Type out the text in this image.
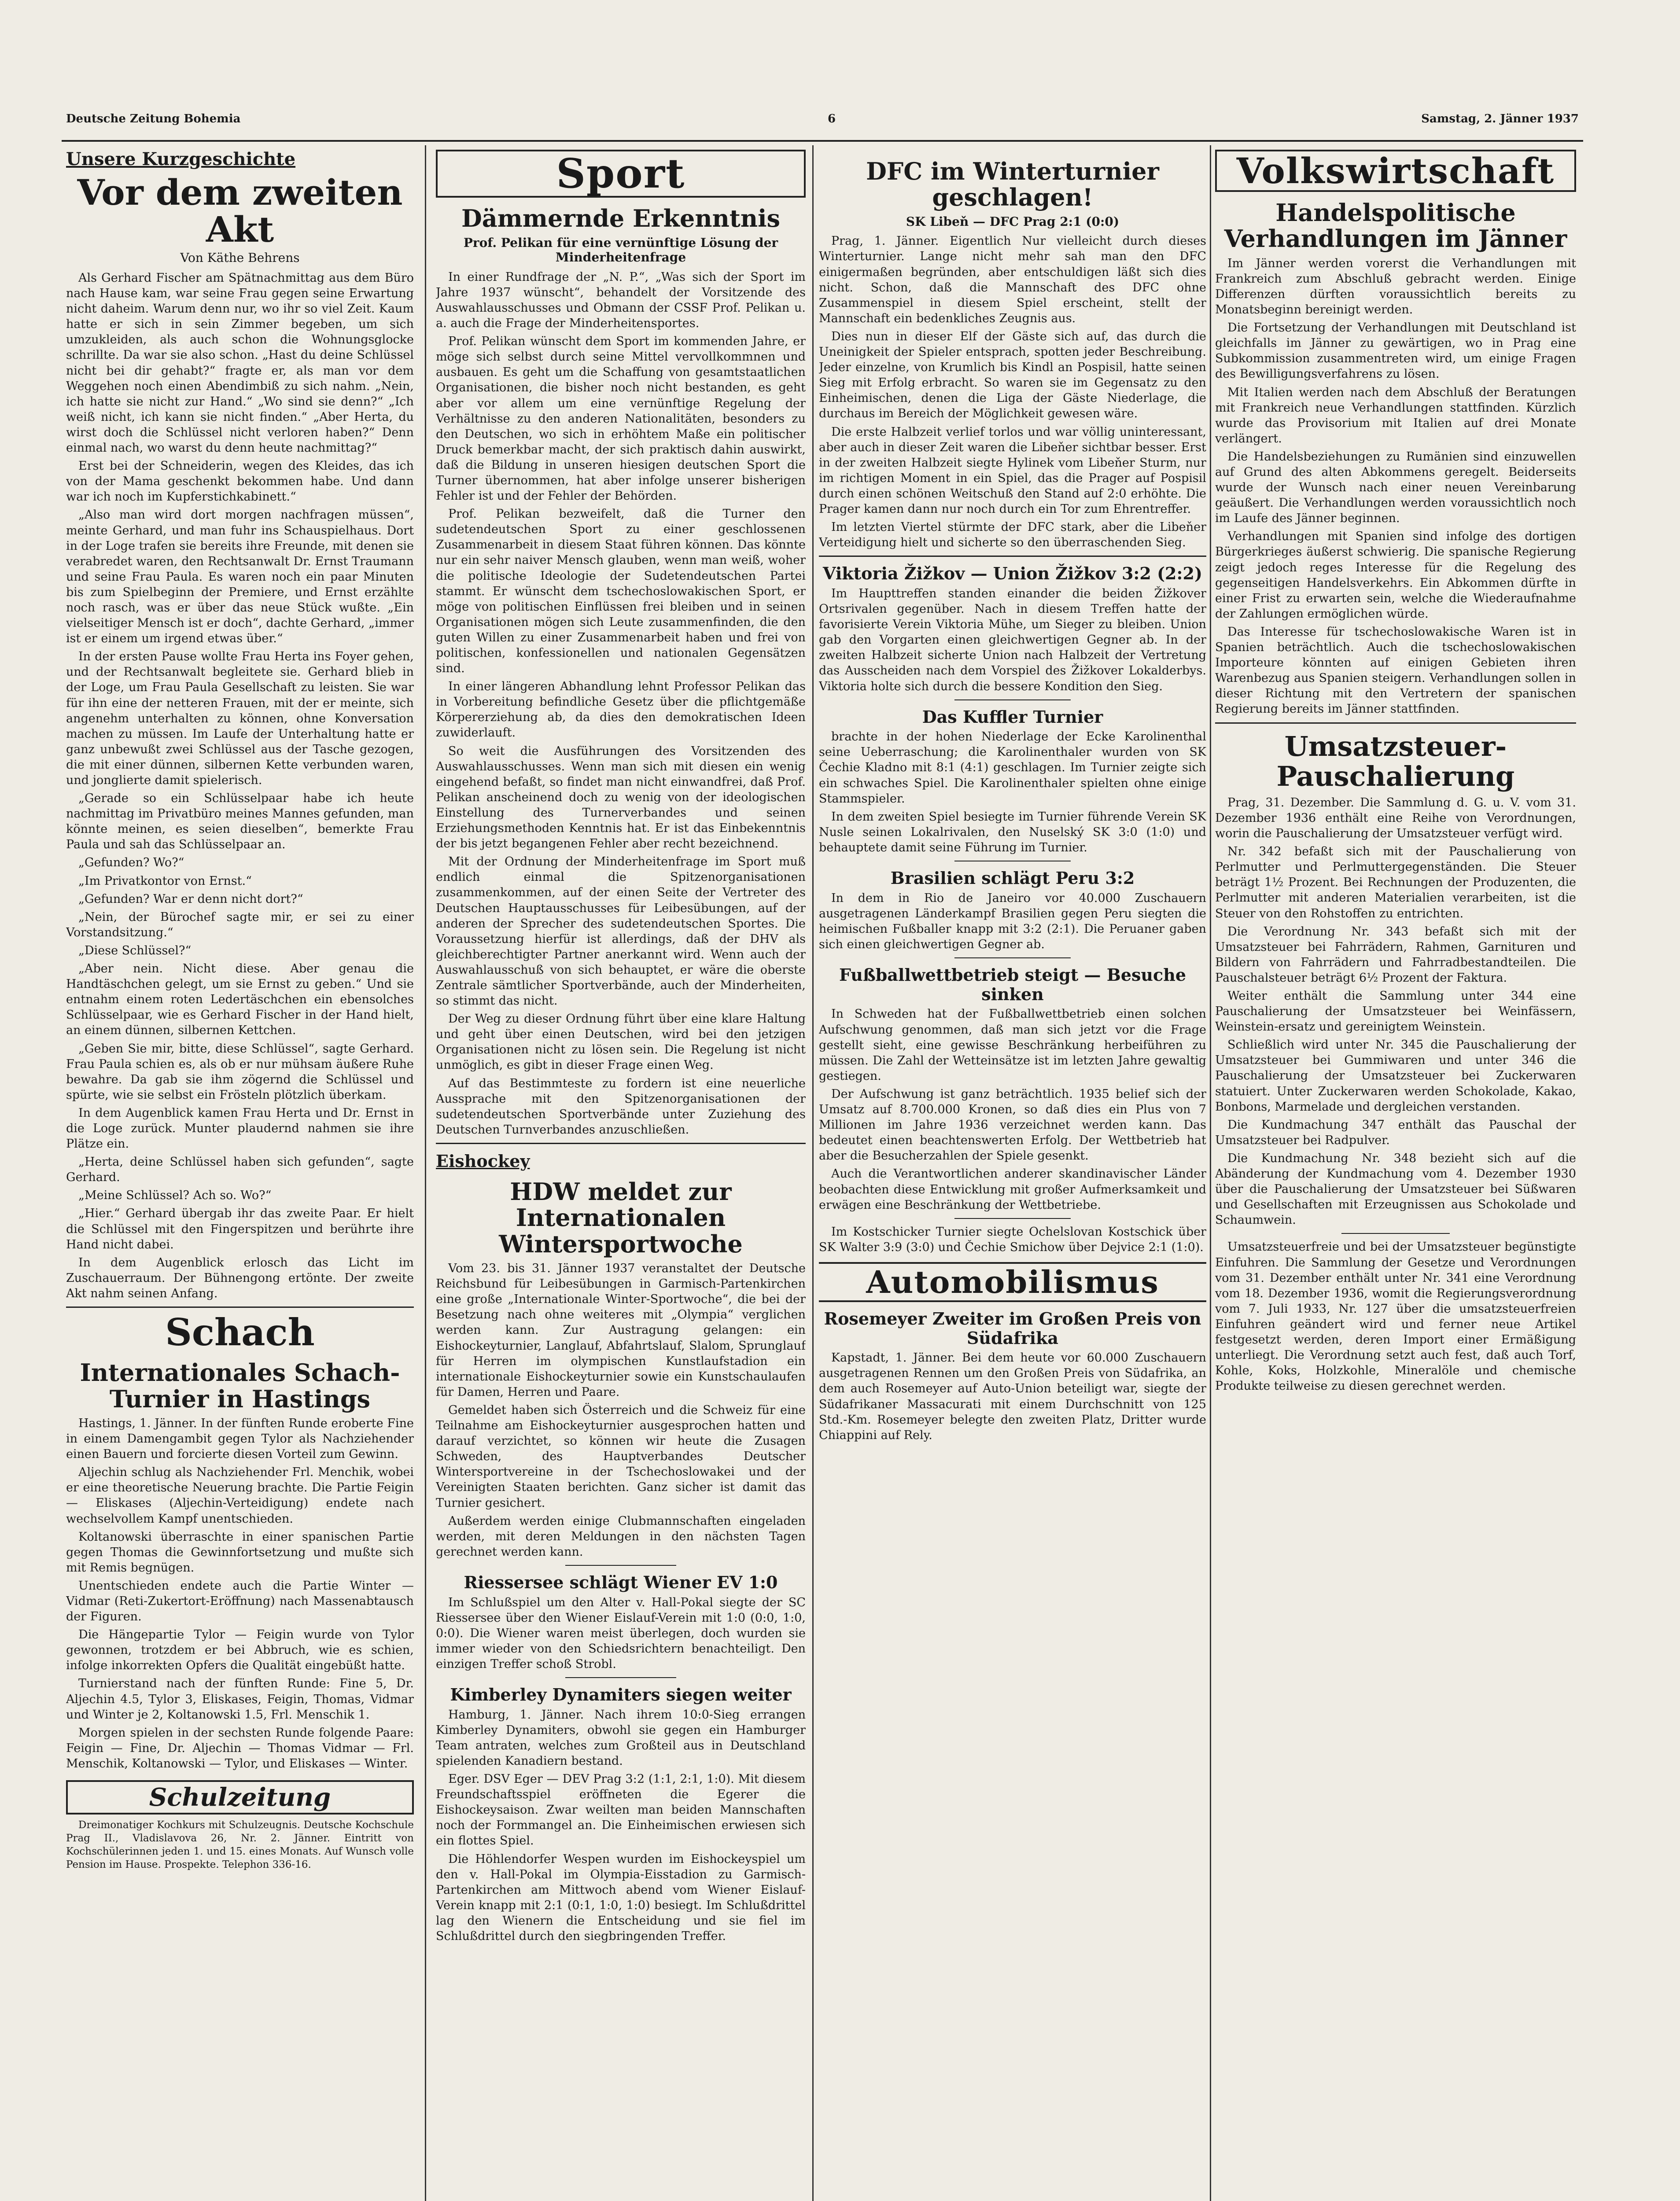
Deutsche Zeitung Bohemia	6	Samstag, 2. Jänner 1937
Unsere Kurzgeschichte
Vor dem zweiten Akt
Von Käthe Behrens

Als Gerhard Fischer am Spätnachmittag aus dem Büro nach Hause kam, war seine Frau gegen seine Erwartung nicht daheim. Warum denn nur, wo ihr so viel Zeit. Kaum hatte er sich in sein Zimmer begeben, um sich umzukleiden, als auch schon die Wohnungsglocke schrillte. Da war sie also schon. „Hast du deine Schlüssel nicht bei dir gehabt?“ fragte er, als man vor dem Weggehen noch einen Abendimbiß zu sich nahm. „Nein, ich hatte sie nicht zur Hand.“ „Wo sind sie denn?“ „Ich weiß nicht, ich kann sie nicht finden.“ „Aber Herta, du wirst doch die Schlüssel nicht verloren haben?“ Denn einmal nach, wo warst du denn heute nachmittag?“

Erst bei der Schneiderin, wegen des Kleides, das ich von der Mama geschenkt bekommen habe. Und dann war ich noch im Kupferstichkabinett.“

„Also man wird dort morgen nachfragen müssen“, meinte Gerhard, und man fuhr ins Schauspielhaus. Dort in der Loge trafen sie bereits ihre Freunde, mit denen sie verabredet waren, den Rechtsanwalt Dr. Ernst Traumann und seine Frau Paula. Es waren noch ein paar Minuten bis zum Spielbeginn der Premiere, und Ernst erzählte noch rasch, was er über das neue Stück wußte. „Ein vielseitiger Mensch ist er doch“, dachte Gerhard, „immer ist er einem um irgend etwas über.“

In der ersten Pause wollte Frau Herta ins Foyer gehen, und der Rechtsanwalt begleitete sie. Gerhard blieb in der Loge, um Frau Paula Gesellschaft zu leisten. Sie war für ihn eine der netteren Frauen, mit der er meinte, sich angenehm unterhalten zu können, ohne Konversation machen zu müssen. Im Laufe der Unterhaltung hatte er ganz unbewußt zwei Schlüssel aus der Tasche gezogen, die mit einer dünnen, silbernen Kette verbunden waren, und jonglierte damit spielerisch.

„Gerade so ein Schlüsselpaar habe ich heute nachmittag im Privatbüro meines Mannes gefunden, man könnte meinen, es seien dieselben“, bemerkte Frau Paula und sah das Schlüsselpaar an.

„Gefunden? Wo?“

„Im Privatkontor von Ernst.“

„Gefunden? War er denn nicht dort?“

„Nein, der Bürochef sagte mir, er sei zu einer Vorstandsitzung.“

„Diese Schlüssel?“

„Aber nein. Nicht diese. Aber genau die Handtäschchen gelegt, um sie Ernst zu geben.“ Und sie entnahm einem roten Ledertäschchen ein ebensolches Schlüsselpaar, wie es Gerhard Fischer in der Hand hielt, an einem dünnen, silbernen Kettchen.

„Geben Sie mir, bitte, diese Schlüssel“, sagte Gerhard. Frau Paula schien es, als ob er nur mühsam äußere Ruhe bewahre. Da gab sie ihm zögernd die Schlüssel und spürte, wie sie selbst ein Frösteln plötzlich überkam.

In dem Augenblick kamen Frau Herta und Dr. Ernst in die Loge zurück. Munter plaudernd nahmen sie ihre Plätze ein.

„Herta, deine Schlüssel haben sich gefunden“, sagte Gerhard.

„Meine Schlüssel? Ach so. Wo?“

„Hier.“ Gerhard übergab ihr das zweite Paar. Er hielt die Schlüssel mit den Fingerspitzen und berührte ihre Hand nicht dabei.

In dem Augenblick erlosch das Licht im Zuschauerraum. Der Bühnengong ertönte. Der zweite Akt nahm seinen Anfang.

Schach
Internationales Schach-Turnier in Hastings

Hastings, 1. Jänner. In der fünften Runde eroberte Fine in einem Damengambit gegen Tylor als Nachziehender einen Bauern und forcierte diesen Vorteil zum Gewinn.

Aljechin schlug als Nachziehender Frl. Menchik, wobei er eine theoretische Neuerung brachte. Die Partie Feigin — Eliskases (Aljechin-Verteidigung) endete nach wechselvollem Kampf unentschieden.

Koltanowski überraschte in einer spanischen Partie gegen Thomas die Gewinnfortsetzung und mußte sich mit Remis begnügen.

Unentschieden endete auch die Partie Winter — Vidmar (Reti-Zukertort-Eröffnung) nach Massenabtausch der Figuren.

Die Hängepartie Tylor — Feigin wurde von Tylor gewonnen, trotzdem er bei Abbruch, wie es schien, infolge inkorrekten Opfers die Qualität eingebüßt hatte.

Turnierstand nach der fünften Runde: Fine 5, Dr. Aljechin 4.5, Tylor 3, Eliskases, Feigin, Thomas, Vidmar und Winter je 2, Koltanowski 1.5, Frl. Menschik 1.

Morgen spielen in der sechsten Runde folgende Paare: Feigin — Fine, Dr. Aljechin — Thomas Vidmar — Frl. Menschik, Koltanowski — Tylor, und Eliskases — Winter.

Schulzeitung

Dreimonatiger Kochkurs mit Schulzeugnis. Deutsche Kochschule Prag II., Vladislavova 26, Nr. 2. Jänner. Eintritt von Kochschülerinnen jeden 1. und 15. eines Monats. Auf Wunsch volle Pension im Hause. Prospekte. Telephon 336-16.

Sport
Dämmernde Erkenntnis
Prof. Pelikan für eine vernünftige Lösung der Minderheitenfrage

In einer Rundfrage der „N. P.“, „Was sich der Sport im Jahre 1937 wünscht“, behandelt der Vorsitzende des Auswahlausschusses und Obmann der CSSF Prof. Pelikan u. a. auch die Frage der Minderheitensportes.

Prof. Pelikan wünscht dem Sport im kommenden Jahre, er möge sich selbst durch seine Mittel vervollkommnen und ausbauen. Es geht um die Schaffung von gesamtstaatlichen Organisationen, die bisher noch nicht bestanden, es geht aber vor allem um eine vernünftige Regelung der Verhältnisse zu den anderen Nationalitäten, besonders zu den Deutschen, wo sich in erhöhtem Maße ein politischer Druck bemerkbar macht, der sich praktisch dahin auswirkt, daß die Bildung in unseren hiesigen deutschen Sport die Turner übernommen, hat aber infolge unserer bisherigen Fehler ist und der Fehler der Behörden.

Prof. Pelikan bezweifelt, daß die Turner den sudetendeutschen Sport zu einer geschlossenen Zusammenarbeit in diesem Staat führen können. Das könnte nur ein sehr naiver Mensch glauben, wenn man weiß, woher die politische Ideologie der Sudetendeutschen Partei stammt. Er wünscht dem tschechoslowakischen Sport, er möge von politischen Einflüssen frei bleiben und in seinen Organisationen mögen sich Leute zusammenfinden, die den guten Willen zu einer Zusammenarbeit haben und frei von politischen, konfessionellen und nationalen Gegensätzen sind.

In einer längeren Abhandlung lehnt Professor Pelikan das in Vorbereitung befindliche Gesetz über die pflichtgemäße Körpererziehung ab, da dies den demokratischen Ideen zuwiderlauft.

So weit die Ausführungen des Vorsitzenden des Auswahlausschusses. Wenn man sich mit diesen ein wenig eingehend befaßt, so findet man nicht einwandfrei, daß Prof. Pelikan anscheinend doch zu wenig von der ideologischen Einstellung des Turnerverbandes und seinen Erziehungsmethoden Kenntnis hat. Er ist das Einbekenntnis der bis jetzt begangenen Fehler aber recht bezeichnend.

Mit der Ordnung der Minderheitenfrage im Sport muß endlich einmal die Spitzenorganisationen zusammenkommen, auf der einen Seite der Vertreter des Deutschen Hauptausschusses für Leibesübungen, auf der anderen der Sprecher des sudetendeutschen Sportes. Die Voraussetzung hierfür ist allerdings, daß der DHV als gleichberechtigter Partner anerkannt wird. Wenn auch der Auswahlausschuß von sich behauptet, er wäre die oberste Zentrale sämtlicher Sportverbände, auch der Minderheiten, so stimmt das nicht.

Der Weg zu dieser Ordnung führt über eine klare Haltung und geht über einen Deutschen, wird bei den jetzigen Organisationen nicht zu lösen sein. Die Regelung ist nicht unmöglich, es gibt in dieser Frage einen Weg.

Auf das Bestimmteste zu fordern ist eine neuerliche Aussprache mit den Spitzenorganisationen der sudetendeutschen Sportverbände unter Zuziehung des Deutschen Turnverbandes anzuschließen.

Eishockey
HDW meldet zur Internationalen Wintersportwoche

Vom 23. bis 31. Jänner 1937 veranstaltet der Deutsche Reichsbund für Leibesübungen in Garmisch-Partenkirchen eine große „Internationale Winter-Sportwoche“, die bei der Besetzung nach ohne weiteres mit „Olympia“ verglichen werden kann. Zur Austragung gelangen: ein Eishockeyturnier, Langlauf, Abfahrtslauf, Slalom, Sprunglauf für Herren im olympischen Kunstlaufstadion ein internationale Eishockeyturnier sowie ein Kunstschaulaufen für Damen, Herren und Paare.

Gemeldet haben sich Österreich und die Schweiz für eine Teilnahme am Eishockeyturnier ausgesprochen hatten und darauf verzichtet, so können wir heute die Zusagen Schweden, des Hauptverbandes Deutscher Wintersportvereine in der Tschechoslowakei und der Vereinigten Staaten berichten. Ganz sicher ist damit das Turnier gesichert.

Außerdem werden einige Clubmannschaften eingeladen werden, mit deren Meldungen in den nächsten Tagen gerechnet werden kann.

Riessersee schlägt Wiener EV 1:0

Im Schlußspiel um den Alter v. Hall-Pokal siegte der SC Riessersee über den Wiener Eislauf-Verein mit 1:0 (0:0, 1:0, 0:0). Die Wiener waren meist überlegen, doch wurden sie immer wieder von den Schiedsrichtern benachteiligt. Den einzigen Treffer schoß Strobl.

Kimberley Dynamiters siegen weiter

Hamburg, 1. Jänner. Nach ihrem 10:0-Sieg errangen Kimberley Dynamiters, obwohl sie gegen ein Hamburger Team antraten, welches zum Großteil aus in Deutschland spielenden Kanadiern bestand.

Eger. DSV Eger — DEV Prag 3:2 (1:1, 2:1, 1:0). Mit diesem Freundschaftsspiel eröffneten die Egerer die Eishockeysaison. Zwar weilten man beiden Mannschaften noch der Formmangel an. Die Einheimischen erwiesen sich ein flottes Spiel.

Die Höhlendorfer Wespen wurden im Eishockeyspiel um den v. Hall-Pokal im Olympia-Eisstadion zu Garmisch-Partenkirchen am Mittwoch abend vom Wiener Eislauf-Verein knapp mit 2:1 (0:1, 1:0, 1:0) besiegt. Im Schlußdrittel lag den Wienern die Entscheidung und sie fiel im Schlußdrittel durch den siegbringenden Treffer.

DFC im Winterturnier geschlagen!
SK Libeň — DFC Prag 2:1 (0:0)

Prag, 1. Jänner. Eigentlich Nur vielleicht durch dieses Winterturnier. Lange nicht mehr sah man den DFC einigermaßen begründen, aber entschuldigen läßt sich dies nicht. Schon, daß die Mannschaft des DFC ohne Zusammenspiel in diesem Spiel erscheint, stellt der Mannschaft ein bedenkliches Zeugnis aus.

Dies nun in dieser Elf der Gäste sich auf, das durch die Uneinigkeit der Spieler entsprach, spotten jeder Beschreibung. Jeder einzelne, von Krumlich bis Kindl an Pospisil, hatte seinen Sieg mit Erfolg erbracht. So waren sie im Gegensatz zu den Einheimischen, denen die Liga der Gäste Niederlage, die durchaus im Bereich der Möglichkeit gewesen wäre.

Die erste Halbzeit verlief torlos und war völlig uninteressant, aber auch in dieser Zeit waren die Libeňer sichtbar besser. Erst in der zweiten Halbzeit siegte Hylinek vom Libeňer Sturm, nur im richtigen Moment in ein Spiel, das die Prager auf Pospisil durch einen schönen Weitschuß den Stand auf 2:0 erhöhte. Die Prager kamen dann nur noch durch ein Tor zum Ehrentreffer.

Im letzten Viertel stürmte der DFC stark, aber die Libeňer Verteidigung hielt und sicherte so den überraschenden Sieg.

Viktoria Žižkov — Union Žižkov 3:2 (2:2)

Im Haupttreffen standen einander die beiden Žižkover Ortsrivalen gegenüber. Nach in diesem Treffen hatte der favorisierte Verein Viktoria Mühe, um Sieger zu bleiben. Union gab den Vorgarten einen gleichwertigen Gegner ab. In der zweiten Halbzeit sicherte Union nach Halbzeit der Vertretung das Ausscheiden nach dem Vorspiel des Žižkover Lokalderbys. Viktoria holte sich durch die bessere Kondition den Sieg.

Das Kuffler Turnier

brachte in der hohen Niederlage der Ecke Karolinenthal seine Ueberraschung; die Karolinenthaler wurden von SK Čechie Kladno mit 8:1 (4:1) geschlagen. Im Turnier zeigte sich ein schwaches Spiel. Die Karolinenthaler spielten ohne einige Stammspieler.

In dem zweiten Spiel besiegte im Turnier führende Verein SK Nusle seinen Lokalrivalen, den Nuselský SK 3:0 (1:0) und behauptete damit seine Führung im Turnier.

Brasilien schlägt Peru 3:2

In dem in Rio de Janeiro vor 40.000 Zuschauern ausgetragenen Länderkampf Brasilien gegen Peru siegten die heimischen Fußballer knapp mit 3:2 (2:1). Die Peruaner gaben sich einen gleichwertigen Gegner ab.

Fußballwettbetrieb steigt — Besuche sinken

In Schweden hat der Fußballwettbetrieb einen solchen Aufschwung genommen, daß man sich jetzt vor die Frage gestellt sieht, eine gewisse Beschränkung herbeiführen zu müssen. Die Zahl der Wetteinsätze ist im letzten Jahre gewaltig gestiegen.

Der Aufschwung ist ganz beträchtlich. 1935 belief sich der Umsatz auf 8.700.000 Kronen, so daß dies ein Plus von 7 Millionen im Jahre 1936 verzeichnet werden kann. Das bedeutet einen beachtenswerten Erfolg. Der Wettbetrieb hat aber die Besucherzahlen der Spiele gesenkt.

Auch die Verantwortlichen anderer skandinavischer Länder beobachten diese Entwicklung mit großer Aufmerksamkeit und erwägen eine Beschränkung der Wettbetriebe.

Im Kostschicker Turnier siegte Ochelslovan Kostschick über SK Walter 3:9 (3:0) und Čechie Smichow über Dejvice 2:1 (1:0).

Automobilismus
Rosemeyer Zweiter im Großen Preis von Südafrika

Kapstadt, 1. Jänner. Bei dem heute vor 60.000 Zuschauern ausgetragenen Rennen um den Großen Preis von Südafrika, an dem auch Rosemeyer auf Auto-Union beteiligt war, siegte der Südafrikaner Massacurati mit einem Durchschnitt von 125 Std.-Km. Rosemeyer belegte den zweiten Platz, Dritter wurde Chiappini auf Rely.

Volkswirtschaft
Handelspolitische Verhandlungen im Jänner

Im Jänner werden vorerst die Verhandlungen mit Frankreich zum Abschluß gebracht werden. Einige Differenzen dürften voraussichtlich bereits zu Monatsbeginn bereinigt werden.

Die Fortsetzung der Verhandlungen mit Deutschland ist gleichfalls im Jänner zu gewärtigen, wo in Prag eine Subkommission zusammentreten wird, um einige Fragen des Bewilligungsverfahrens zu lösen.

Mit Italien werden nach dem Abschluß der Beratungen mit Frankreich neue Verhandlungen stattfinden. Kürzlich wurde das Provisorium mit Italien auf drei Monate verlängert.

Die Handelsbeziehungen zu Rumänien sind einzuwellen auf Grund des alten Abkommens geregelt. Beiderseits wurde der Wunsch nach einer neuen Vereinbarung geäußert. Die Verhandlungen werden voraussichtlich noch im Laufe des Jänner beginnen.

Verhandlungen mit Spanien sind infolge des dortigen Bürgerkrieges äußerst schwierig. Die spanische Regierung zeigt jedoch reges Interesse für die Regelung des gegenseitigen Handelsverkehrs. Ein Abkommen dürfte in einer Frist zu erwarten sein, welche die Wiederaufnahme der Zahlungen ermöglichen würde.

Das Interesse für tschechoslowakische Waren ist in Spanien beträchtlich. Auch die tschechoslowakischen Importeure könnten auf einigen Gebieten ihren Warenbezug aus Spanien steigern. Verhandlungen sollen in dieser Richtung mit den Vertretern der spanischen Regierung bereits im Jänner stattfinden.

Umsatzsteuer-Pauschalierung

Prag, 31. Dezember. Die Sammlung d. G. u. V. vom 31. Dezember 1936 enthält eine Reihe von Verordnungen, worin die Pauschalierung der Umsatzsteuer verfügt wird.

Nr. 342 befaßt sich mit der Pauschalierung von Perlmutter und Perlmuttergegenständen. Die Steuer beträgt 1½ Prozent. Bei Rechnungen der Produzenten, die Perlmutter mit anderen Materialien verarbeiten, ist die Steuer von den Rohstoffen zu entrichten.

Die Verordnung Nr. 343 befaßt sich mit der Umsatzsteuer bei Fahrrädern, Rahmen, Garnituren und Bildern von Fahrrädern und Fahrradbestandteilen. Die Pauschalsteuer beträgt 6½ Prozent der Faktura.

Weiter enthält die Sammlung unter 344 eine Pauschalierung der Umsatzsteuer bei Weinfässern, Weinstein-ersatz und gereinigtem Weinstein.

Schließlich wird unter Nr. 345 die Pauschalierung der Umsatzsteuer bei Gummiwaren und unter 346 die Pauschalierung der Umsatzsteuer bei Zuckerwaren statuiert. Unter Zuckerwaren werden Schokolade, Kakao, Bonbons, Marmelade und dergleichen verstanden.

Die Kundmachung 347 enthält das Pauschal der Umsatzsteuer bei Radpulver.

Die Kundmachung Nr. 348 bezieht sich auf die Abänderung der Kundmachung vom 4. Dezember 1930 über die Pauschalierung der Umsatzsteuer bei Süßwaren und Gesellschaften mit Erzeugnissen aus Schokolade und Schaumwein.

Umsatzsteuerfreie und bei der Umsatzsteuer begünstigte Einfuhren. Die Sammlung der Gesetze und Verordnungen vom 31. Dezember enthält unter Nr. 341 eine Verordnung vom 18. Dezember 1936, womit die Regierungsverordnung vom 7. Juli 1933, Nr. 127 über die umsatzsteuerfreien Einfuhren geändert wird und ferner neue Artikel festgesetzt werden, deren Import einer Ermäßigung unterliegt. Die Verordnung setzt auch fest, daß auch Torf, Kohle, Koks, Holzkohle, Mineralöle und chemische Produkte teilweise zu diesen gerechnet werden.
